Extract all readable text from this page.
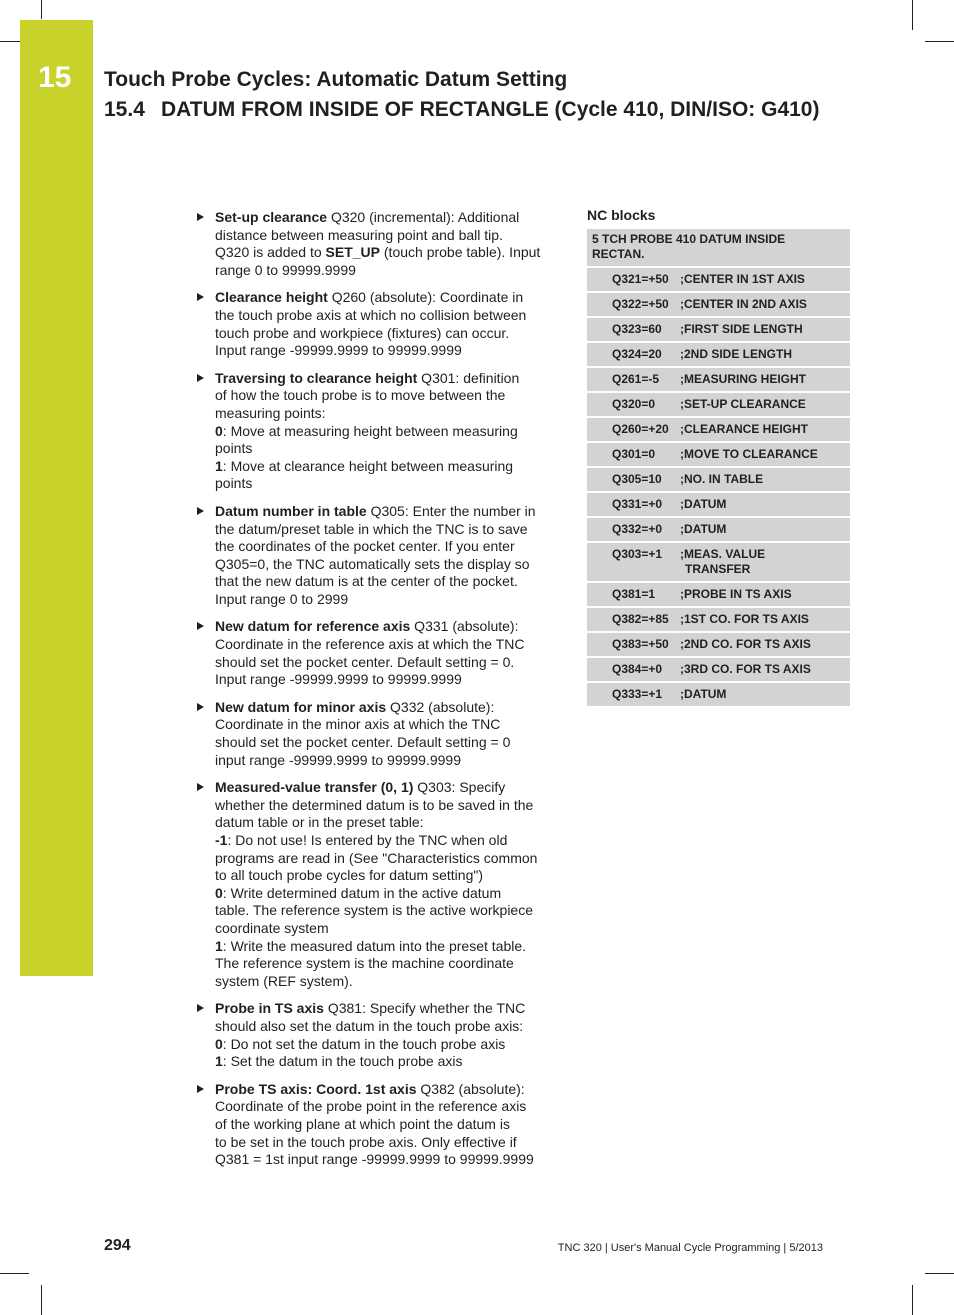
15	Touch Probe Cycles: Automatic Datum Setting
15.4 DATUM FROM INSIDE OF RECTANGLE (Cycle 410, DIN/ISO: G410)
Set-up clearance Q320 (incremental): Additional
distance between measuring point and ball tip.
Q320 is added to SET_UP (touch probe table). Input
range 0 to 99999.9999
Clearance height Q260 (absolute): Coordinate in
the touch probe axis at which no collision between
touch probe and workpiece (fixtures) can occur.
Input range -99999.9999 to 99999.9999
Traversing to clearance height Q301: definition
of how the touch probe is to move between the
measuring points:
0: Move at measuring height between measuring
points
1: Move at clearance height between measuring
points
Datum number in table Q305: Enter the number in
the datum/preset table in which the TNC is to save
the coordinates of the pocket center. If you enter
Q305=0, the TNC automatically sets the display so
that the new datum is at the center of the pocket.
Input range 0 to 2999
New datum for reference axis Q331 (absolute):
Coordinate in the reference axis at which the TNC
should set the pocket center. Default setting = 0.
Input range -99999.9999 to 99999.9999
New datum for minor axis Q332 (absolute):
Coordinate in the minor axis at which the TNC
should set the pocket center. Default setting = 0
input range -99999.9999 to 99999.9999
Measured-value transfer (0, 1) Q303: Specify
whether the determined datum is to be saved in the
datum table or in the preset table:
-1: Do not use! Is entered by the TNC when old
programs are read in (See "Characteristics common
to all touch probe cycles for datum setting")
0: Write determined datum in the active datum
table. The reference system is the active workpiece
coordinate system
1: Write the measured datum into the preset table.
The reference system is the machine coordinate
system (REF system).
Probe in TS axis Q381: Specify whether the TNC
should also set the datum in the touch probe axis:
0: Do not set the datum in the touch probe axis
1: Set the datum in the touch probe axis
Probe TS axis: Coord. 1st axis Q382 (absolute):
Coordinate of the probe point in the reference axis
of the working plane at which point the datum is
to be set in the touch probe axis. Only effective if
Q381 = 1st input range -99999.9999 to 99999.9999
NC blocks
5 TCH PROBE 410 DATUM INSIDE
RECTAN.	
Q321=+50	;CENTER IN 1ST AXIS
Q322=+50	;CENTER IN 2ND AXIS
Q323=60	;FIRST SIDE LENGTH
Q324=20	;2ND SIDE LENGTH
Q261=-5	;MEASURING HEIGHT
Q320=0	;SET-UP CLEARANCE
Q260=+20	;CLEARANCE HEIGHT
Q301=0	;MOVE TO CLEARANCE
Q305=10	;NO. IN TABLE
Q331=+0	;DATUM
Q332=+0	;DATUM
Q303=+1	;MEAS. VALUE
TRANSFER
Q381=1	;PROBE IN TS AXIS
Q382=+85	;1ST CO. FOR TS AXIS
Q383=+50	;2ND CO. FOR TS AXIS
Q384=+0	;3RD CO. FOR TS AXIS
Q333=+1	;DATUM
294	TNC 320 | User's Manual Cycle Programming | 5/2013
